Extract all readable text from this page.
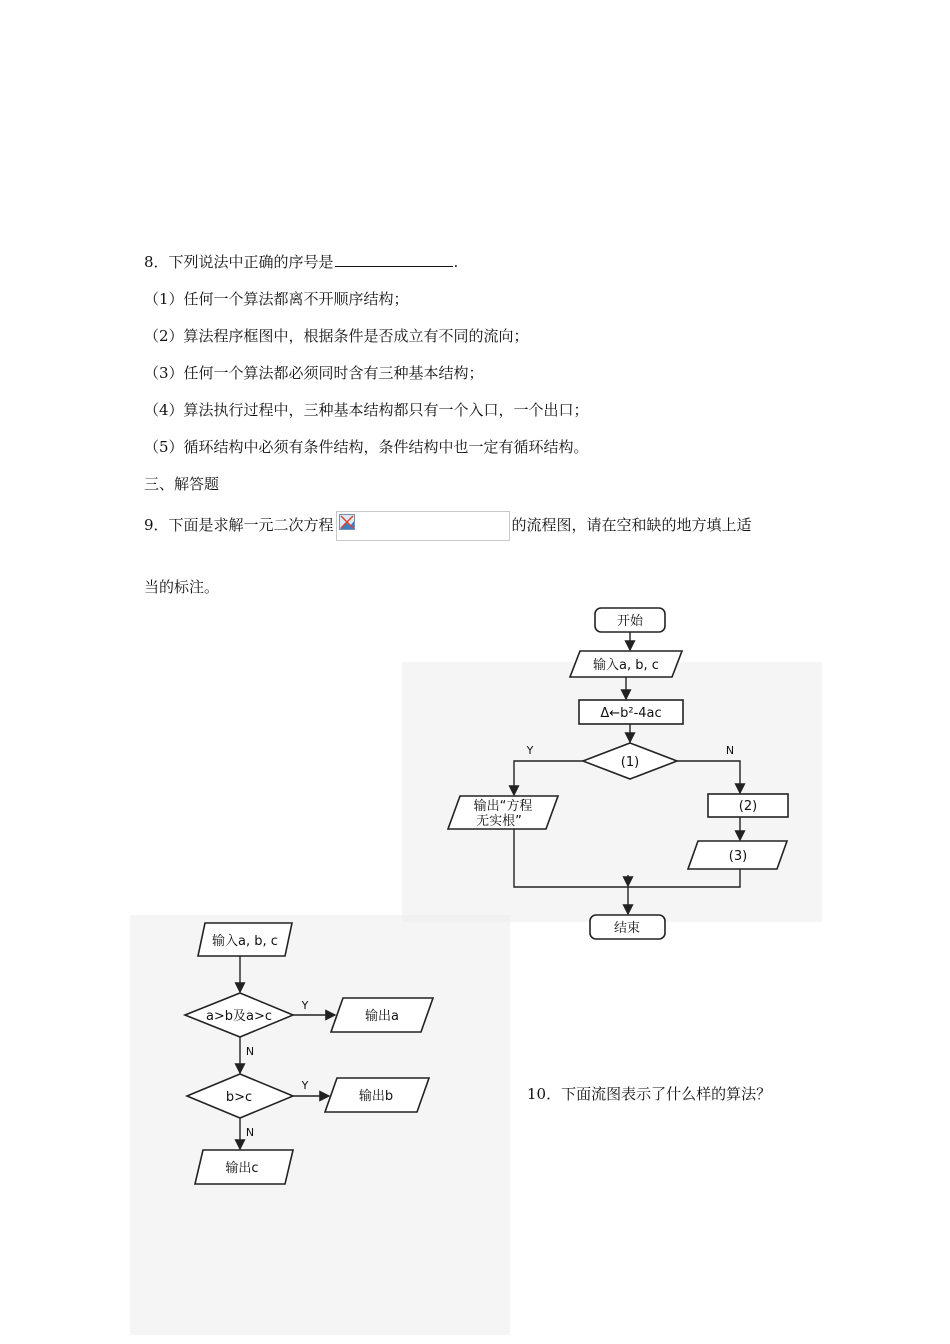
8．下列说法中正确的序号是	.
（1）任何一个算法都离不开顺序结构；
（2）算法程序框图中，根据条件是否成立有不同的流向；
（3）任何一个算法都必须同时含有三种基本结构；
（4）算法执行过程中，三种基本结构都只有一个入口，一个出口；
（5）循环结构中必须有条件结构，条件结构中也一定有循环结构。
三、解答题
9．下面是求解一元二次方程	的流程图，请在空和缺的地方填上适
当的标注。
开始
输入a, b, c
Δ←b²-4ac
(1)
Y	N
输出“方程
无实根”
(2)
(3)
结束
输入a, b, c
a>b及a>c
Y
N
输出a
b>c
Y
N
输出b
输出c
10．下面流图表示了什么样的算法？
